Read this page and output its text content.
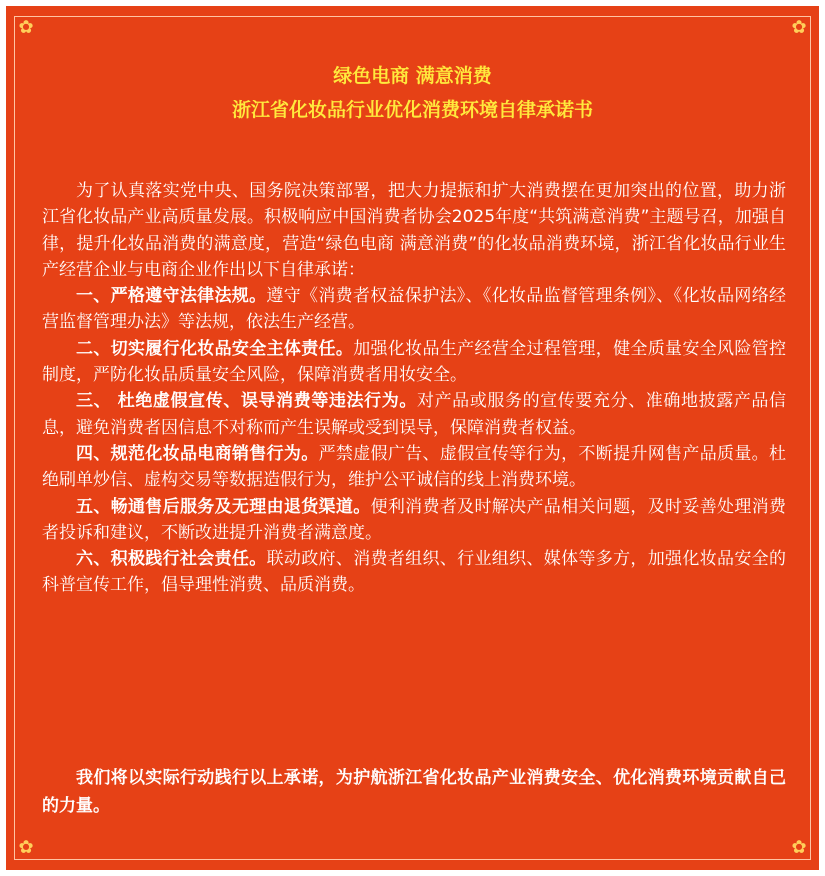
✿	✿
✿	✿
绿色电商 满意消费
浙江省化妆品行业优化消费环境自律承诺书

为了认真落实党中央、国务院决策部署，把大力提振和扩大消费摆在更加突出的位置，助力浙江省化妆品产业高质量发展。积极响应中国消费者协会2025年度“共筑满意消费”主题号召，加强自律，提升化妆品消费的满意度，营造“绿色电商 满意消费”的化妆品消费环境，浙江省化妆品行业生产经营企业与电商企业作出以下自律承诺：

一、严格遵守法律法规。遵守《消费者权益保护法》、《化妆品监督管理条例》、《化妆品网络经营监督管理办法》等法规，依法生产经营。

二、切实履行化妆品安全主体责任。加强化妆品生产经营全过程管理，健全质量安全风险管控制度，严防化妆品质量安全风险，保障消费者用妆安全。

三、 杜绝虚假宣传、误导消费等违法行为。对产品或服务的宣传要充分、准确地披露产品信息，避免消费者因信息不对称而产生误解或受到误导，保障消费者权益。

四、规范化妆品电商销售行为。严禁虚假广告、虚假宣传等行为，不断提升网售产品质量。杜绝刷单炒信、虚构交易等数据造假行为，维护公平诚信的线上消费环境。

五、畅通售后服务及无理由退货渠道。便利消费者及时解决产品相关问题，及时妥善处理消费者投诉和建议，不断改进提升消费者满意度。

六、积极践行社会责任。联动政府、消费者组织、行业组织、媒体等多方，加强化妆品安全的科普宣传工作，倡导理性消费、品质消费。

我们将以实际行动践行以上承诺，为护航浙江省化妆品产业消费安全、优化消费环境贡献自己的力量。
